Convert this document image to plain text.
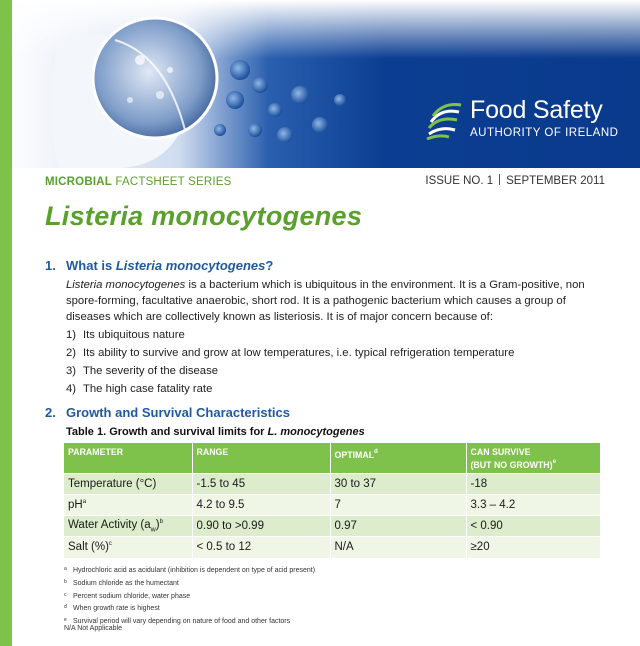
Food Safety
AUTHORITY OF IRELAND
MICROBIAL FACTSHEET SERIES	ISSUE NO. 1 SEPTEMBER 2011
Listeria monocytogenes
1. What is Listeria monocytogenes?
Listeria monocytogenes is a bacterium which is ubiquitous in the environment. It is a Gram-positive, non spore-forming, facultative anaerobic, short rod. It is a pathogenic bacterium which causes a group of diseases which are collectively known as listeriosis. It is of major concern because of:
1) Its ubiquitous nature
2) Its ability to survive and grow at low temperatures, i.e. typical refrigeration temperature
3) The severity of the disease
4) The high case fatality rate
2. Growth and Survival Characteristics
Table 1. Growth and survival limits for L. monocytogenes
PARAMETER	RANGE	OPTIMAL$^d$	CAN SURVIVE
(BUT NO GROWTH)$^e$
Temperature (°C)	-1.5 to 45	30 to 37	-18
$pH^a$	4.2 to 9.5	7	3.3 – 4.2
Water Activity $(a_w)^b$	0.90 to >0.99	0.97	< 0.90
Salt (%)$^c$	< 0.5 to 12	N/A	≥20
a Hydrochloric acid as acidulant (inhibition is dependent on type of acid present)
b Sodium chloride as the humectant
c Percent sodium chloride, water phase
d When growth rate is highest
e Survival period will vary depending on nature of food and other factors
N/A Not Applicable
